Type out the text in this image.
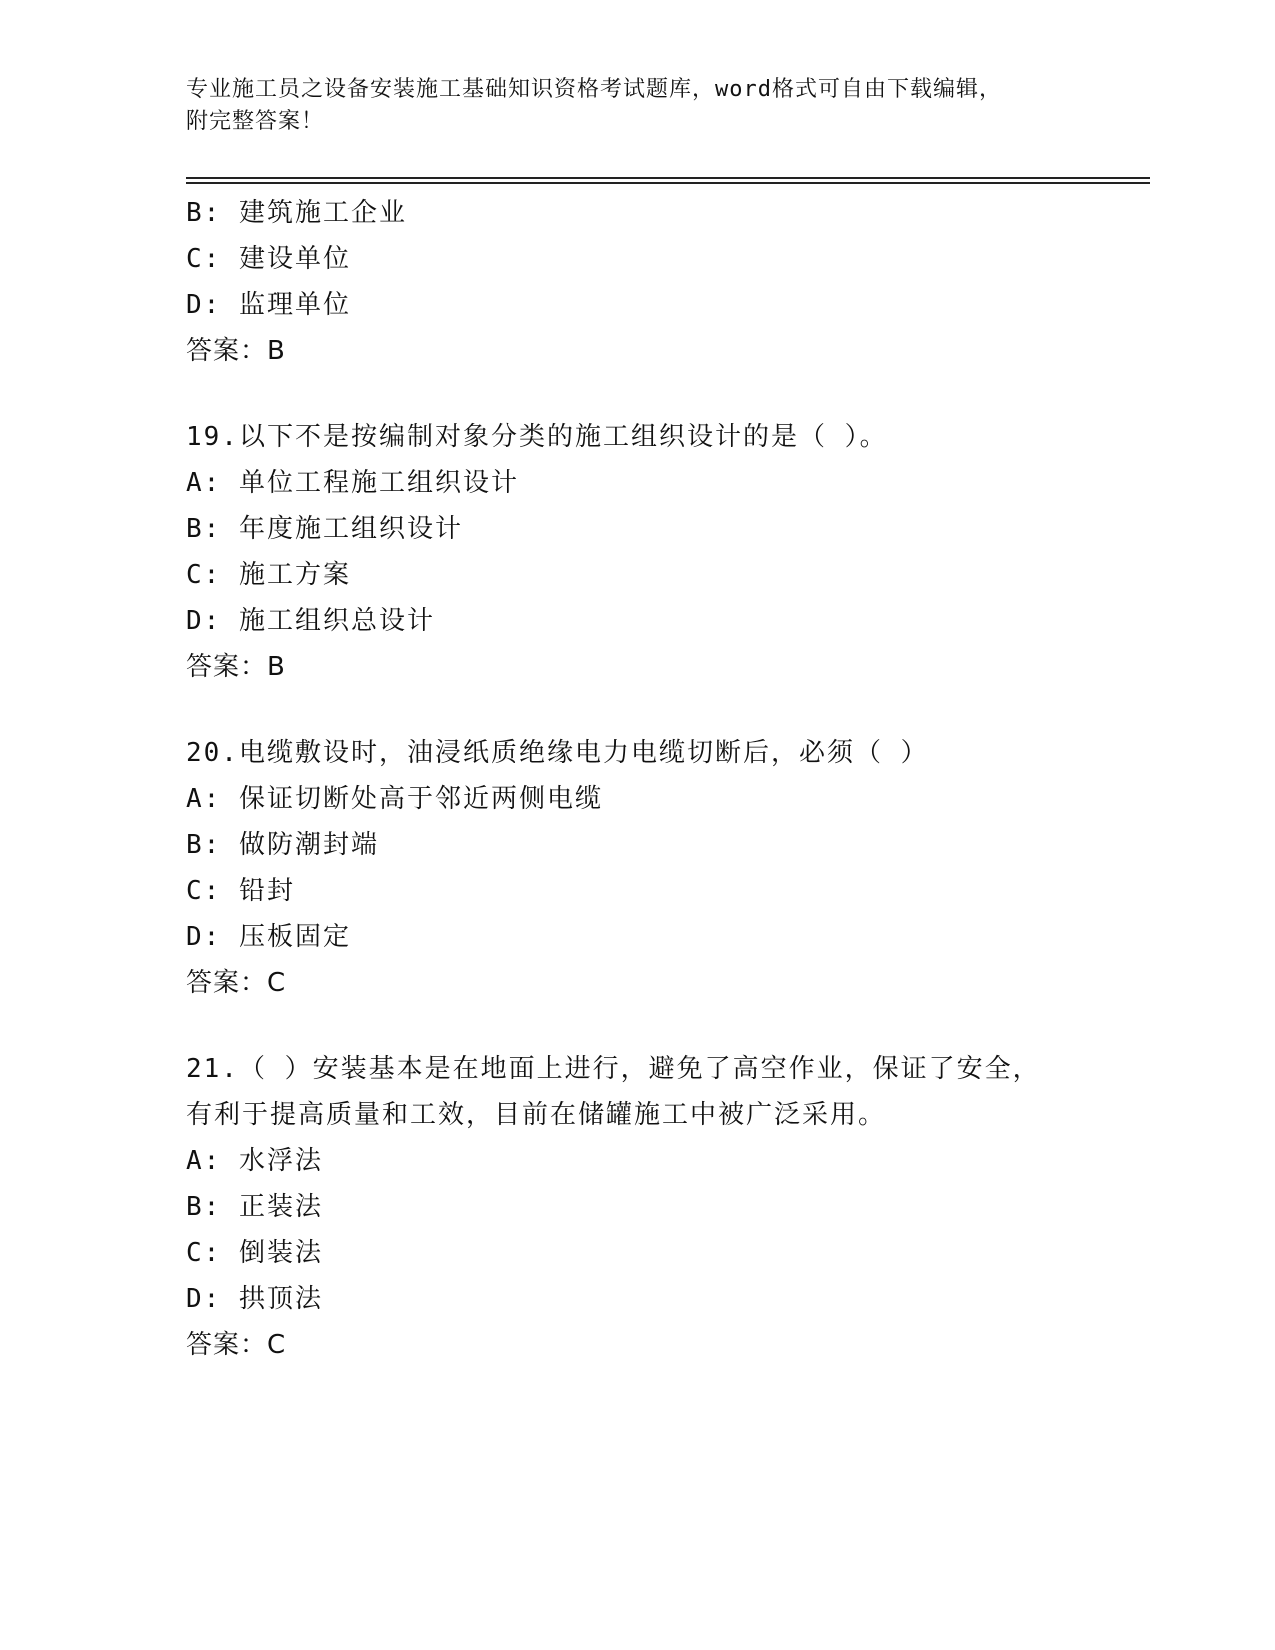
专业施工员之设备安装施工基础知识资格考试题库，word格式可自由下载编辑，
附完整答案！
B: 建筑施工企业
C: 建设单位
D: 监理单位
答案：B
19.以下不是按编制对象分类的施工组织设计的是（ ）。
A: 单位工程施工组织设计
B: 年度施工组织设计
C: 施工方案
D: 施工组织总设计
答案：B
20.电缆敷设时，油浸纸质绝缘电力电缆切断后，必须（ ）
A: 保证切断处高于邻近两侧电缆
B: 做防潮封端
C: 铅封
D: 压板固定
答案：C
21.（ ）安装基本是在地面上进行，避免了高空作业，保证了安全，
有利于提高质量和工效，目前在储罐施工中被广泛采用。
A: 水浮法
B: 正装法
C: 倒装法
D: 拱顶法
答案：C
